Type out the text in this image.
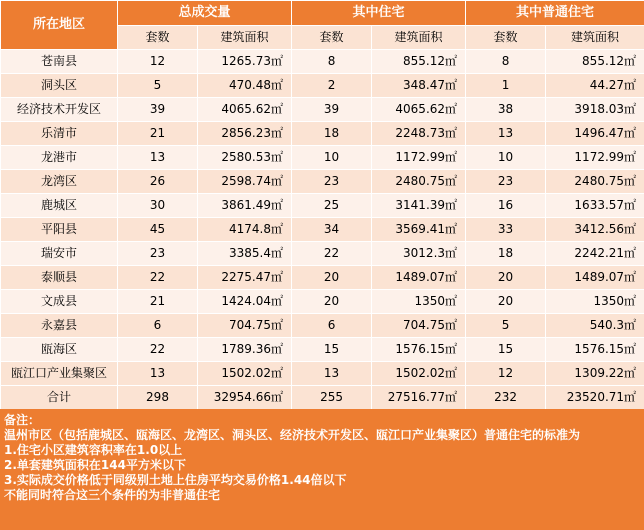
所在地区	总成交量		其中住宅		其中普通住宅	
	套数	建筑面积	套数	建筑面积	套数	建筑面积
苍南县	12	1265.73㎡	8	855.12㎡	8	855.12㎡
洞头区	5	470.48㎡	2	348.47㎡	1	44.27㎡
经济技术开发区	39	4065.62㎡	39	4065.62㎡	38	3918.03㎡
乐清市	21	2856.23㎡	18	2248.73㎡	13	1496.47㎡
龙港市	13	2580.53㎡	10	1172.99㎡	10	1172.99㎡
龙湾区	26	2598.74㎡	23	2480.75㎡	23	2480.75㎡
鹿城区	30	3861.49㎡	25	3141.39㎡	16	1633.57㎡
平阳县	45	4174.8㎡	34	3569.41㎡	33	3412.56㎡
瑞安市	23	3385.4㎡	22	3012.3㎡	18	2242.21㎡
泰顺县	22	2275.47㎡	20	1489.07㎡	20	1489.07㎡
文成县	21	1424.04㎡	20	1350㎡	20	1350㎡
永嘉县	6	704.75㎡	6	704.75㎡	5	540.3㎡
瓯海区	22	1789.36㎡	15	1576.15㎡	15	1576.15㎡
瓯江口产业集聚区	13	1502.02㎡	13	1502.02㎡	12	1309.22㎡
合计	298	32954.66㎡	255	27516.77㎡	232	23520.71㎡
备注：
温州市区（包括鹿城区、瓯海区、龙湾区、洞头区、经济技术开发区、瓯江口产业集聚区）普通住宅的标准为
1.住宅小区建筑容积率在1.0以上
2.单套建筑面积在144平方米以下
3.实际成交价格低于同级别土地上住房平均交易价格1.44倍以下
不能同时符合这三个条件的为非普通住宅
